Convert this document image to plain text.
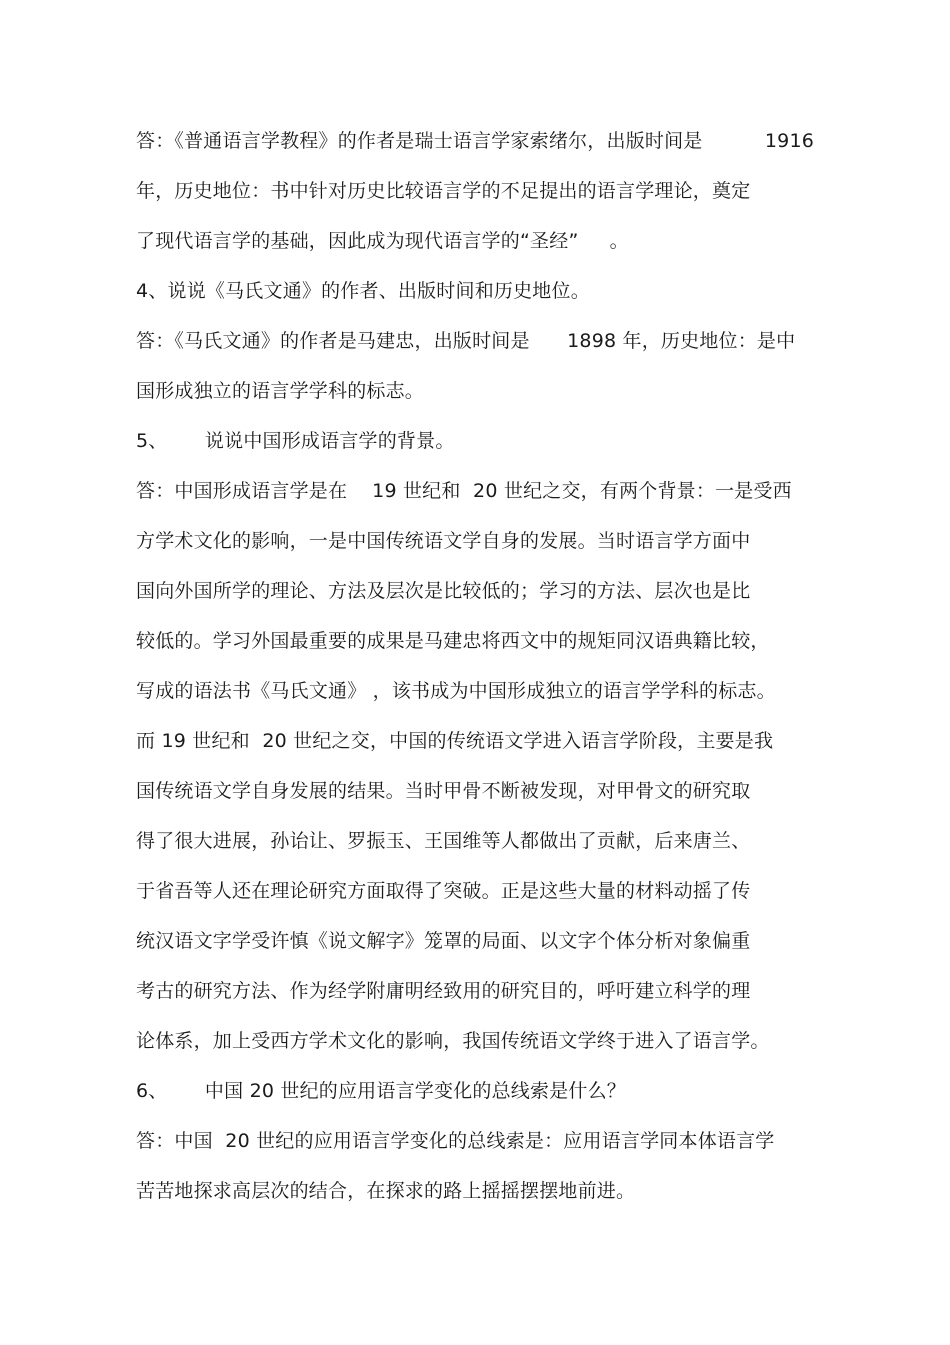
答：《普通语言学教程》的作者是瑞士语言学家索绪尔，出版时间是          1916
年，历史地位：书中针对历史比较语言学的不足提出的语言学理论，奠定
了现代语言学的基础，因此成为现代语言学的“圣经”     。
4、说说《马氏文通》的作者、出版时间和历史地位。
答：《马氏文通》的作者是马建忠，出版时间是      1898 年，历史地位：是中
国形成独立的语言学学科的标志。
5、      说说中国形成语言学的背景。
答：中国形成语言学是在    19 世纪和  20 世纪之交，有两个背景：一是受西
方学术文化的影响，一是中国传统语文学自身的发展。当时语言学方面中
国向外国所学的理论、方法及层次是比较低的；学习的方法、层次也是比
较低的。学习外国最重要的成果是马建忠将西文中的规矩同汉语典籍比较，
写成的语法书《马氏文通》 ，该书成为中国形成独立的语言学学科的标志。
而 19 世纪和  20 世纪之交，中国的传统语文学进入语言学阶段，主要是我
国传统语文学自身发展的结果。当时甲骨不断被发现，对甲骨文的研究取
得了很大进展，孙诒让、罗振玉、王国维等人都做出了贡献，后来唐兰、
于省吾等人还在理论研究方面取得了突破。正是这些大量的材料动摇了传
统汉语文字学受许慎《说文解字》笼罩的局面、以文字个体分析对象偏重
考古的研究方法、作为经学附庸明经致用的研究目的，呼吁建立科学的理
论体系，加上受西方学术文化的影响，我国传统语文学终于进入了语言学。
6、      中国 20 世纪的应用语言学变化的总线索是什么？
答：中国  20 世纪的应用语言学变化的总线索是：应用语言学同本体语言学
苦苦地探求高层次的结合，在探求的路上摇摇摆摆地前进。
